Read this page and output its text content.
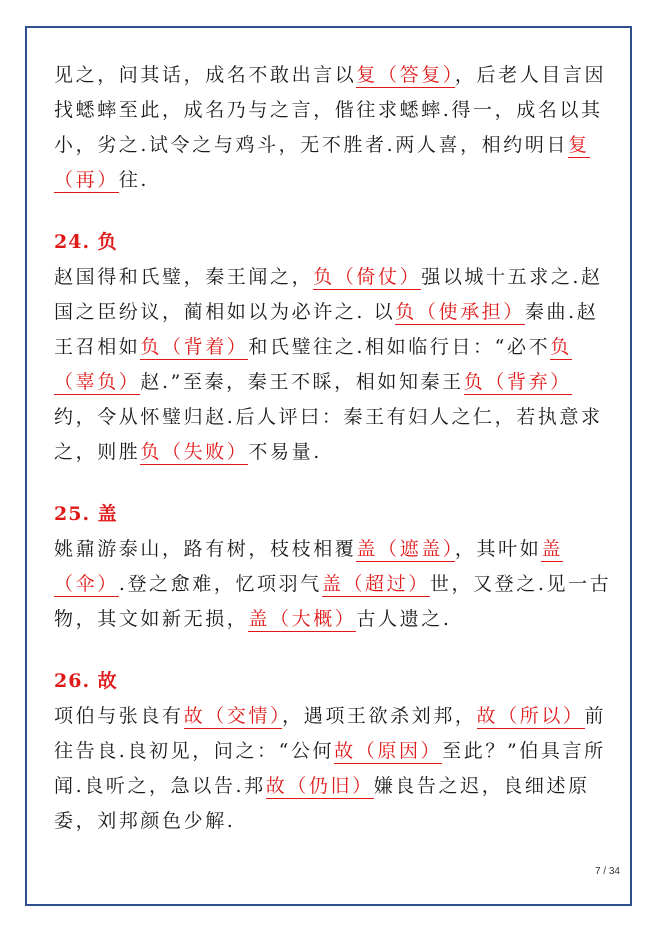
见之，问其话，成名不敢出言以复（答复），后老人目言因找蟋蟀至此，成名乃与之言，偕往求蟋蟀.得一，成名以其小，劣之.试令之与鸡斗，无不胜者.两人喜，相约明日复（再）往.

24. 负

赵国得和氏璧，秦王闻之，负（倚仗）强以城十五求之.赵国之臣纷议，蔺相如以为必许之. 以负（使承担）秦曲.赵王召相如负（背着）和氏璧往之.相如临行日：“必不负（辜负）赵.”至秦，秦王不睬，相如知秦王负（背弃）约，令从怀璧归赵.后人评曰：秦王有妇人之仁，若执意求之，则胜负（失败）不易量.

25. 盖

姚鼐游泰山，路有树，枝枝相覆盖（遮盖），其叶如盖（伞）.登之愈难，忆项羽气盖（超过）世，又登之.见一古物，其文如新无损，盖（大概）古人遗之.

26. 故

项伯与张良有故（交情），遇项王欲杀刘邦，故（所以）前往告良.良初见，问之：“公何故（原因）至此？”伯具言所闻.良听之，急以告.邦故（仍旧）嫌良告之迟，良细述原委，刘邦颜色少解.

7 / 34
